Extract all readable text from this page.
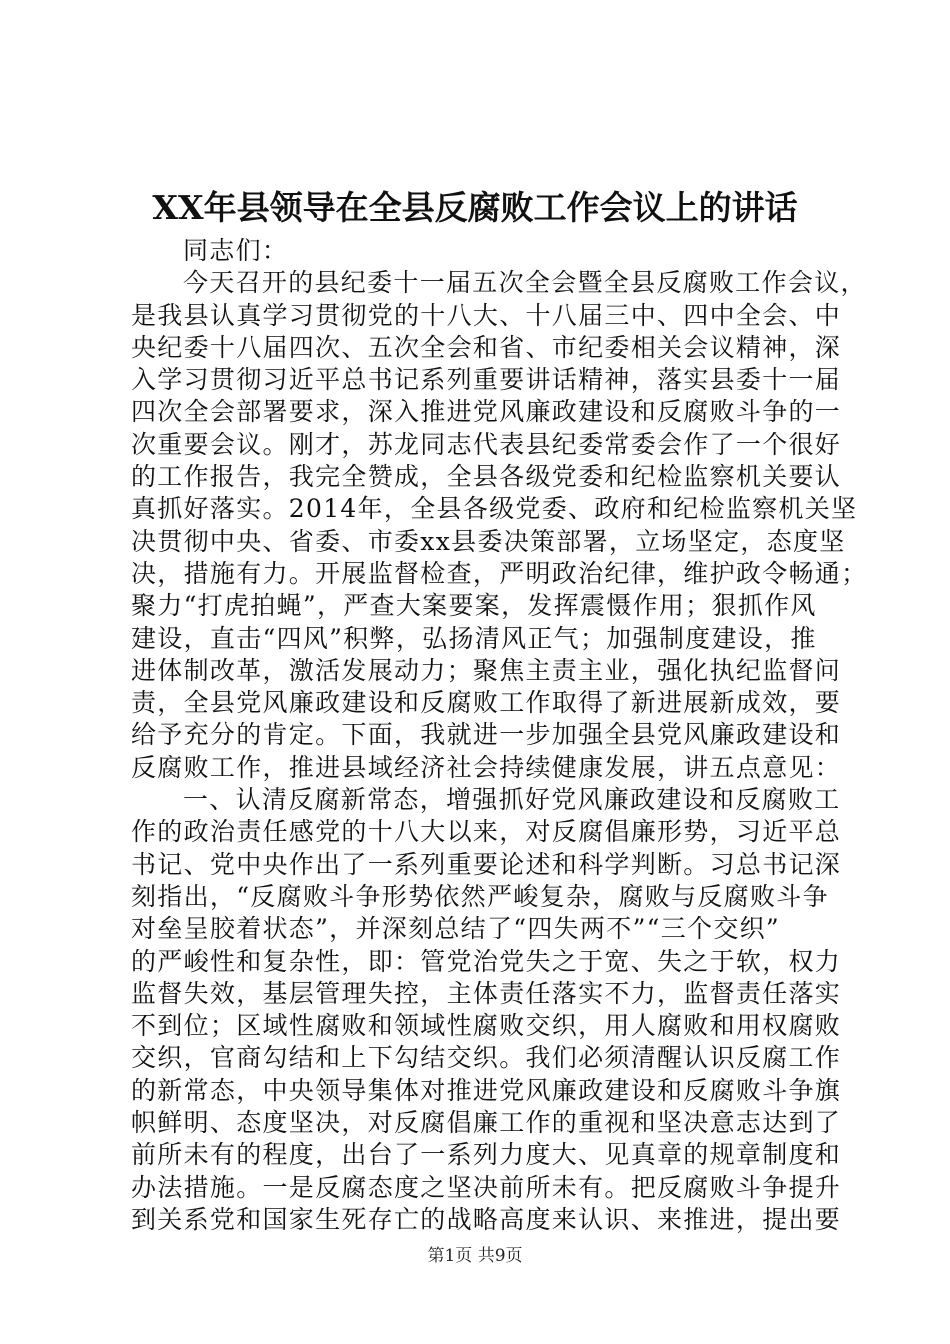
XX年县领导在全县反腐败工作会议上的讲话
同志们：
今天召开的县纪委十一届五次全会暨全县反腐败工作会议，
是我县认真学习贯彻党的十八大、十八届三中、四中全会、中
央纪委十八届四次、五次全会和省、市纪委相关会议精神，深
入学习贯彻习近平总书记系列重要讲话精神，落实县委十一届
四次全会部署要求，深入推进党风廉政建设和反腐败斗争的一
次重要会议。刚才，苏龙同志代表县纪委常委会作了一个很好
的工作报告，我完全赞成，全县各级党委和纪检监察机关要认
真抓好落实。2014年，全县各级党委、政府和纪检监察机关坚
决贯彻中央、省委、市委xx县委决策部署，立场坚定，态度坚
决，措施有力。开展监督检查，严明政治纪律，维护政令畅通；
聚力“打虎拍蝇”，严查大案要案，发挥震慑作用；狠抓作风
建设，直击“四风”积弊，弘扬清风正气；加强制度建设，推
进体制改革，激活发展动力；聚焦主责主业，强化执纪监督问
责，全县党风廉政建设和反腐败工作取得了新进展新成效，要
给予充分的肯定。下面，我就进一步加强全县党风廉政建设和
反腐败工作，推进县域经济社会持续健康发展，讲五点意见：
一、认清反腐新常态，增强抓好党风廉政建设和反腐败工
作的政治责任感党的十八大以来，对反腐倡廉形势，习近平总
书记、党中央作出了一系列重要论述和科学判断。习总书记深
刻指出，“反腐败斗争形势依然严峻复杂，腐败与反腐败斗争
对垒呈胶着状态”，并深刻总结了“四失两不”“三个交织”
的严峻性和复杂性，即：管党治党失之于宽、失之于软，权力
监督失效，基层管理失控，主体责任落实不力，监督责任落实
不到位；区域性腐败和领域性腐败交织，用人腐败和用权腐败
交织，官商勾结和上下勾结交织。我们必须清醒认识反腐工作
的新常态，中央领导集体对推进党风廉政建设和反腐败斗争旗
帜鲜明、态度坚决，对反腐倡廉工作的重视和坚决意志达到了
前所未有的程度，出台了一系列力度大、见真章的规章制度和
办法措施。一是反腐态度之坚决前所未有。把反腐败斗争提升
到关系党和国家生死存亡的战略高度来认识、来推进，提出要
第1页 共9页
